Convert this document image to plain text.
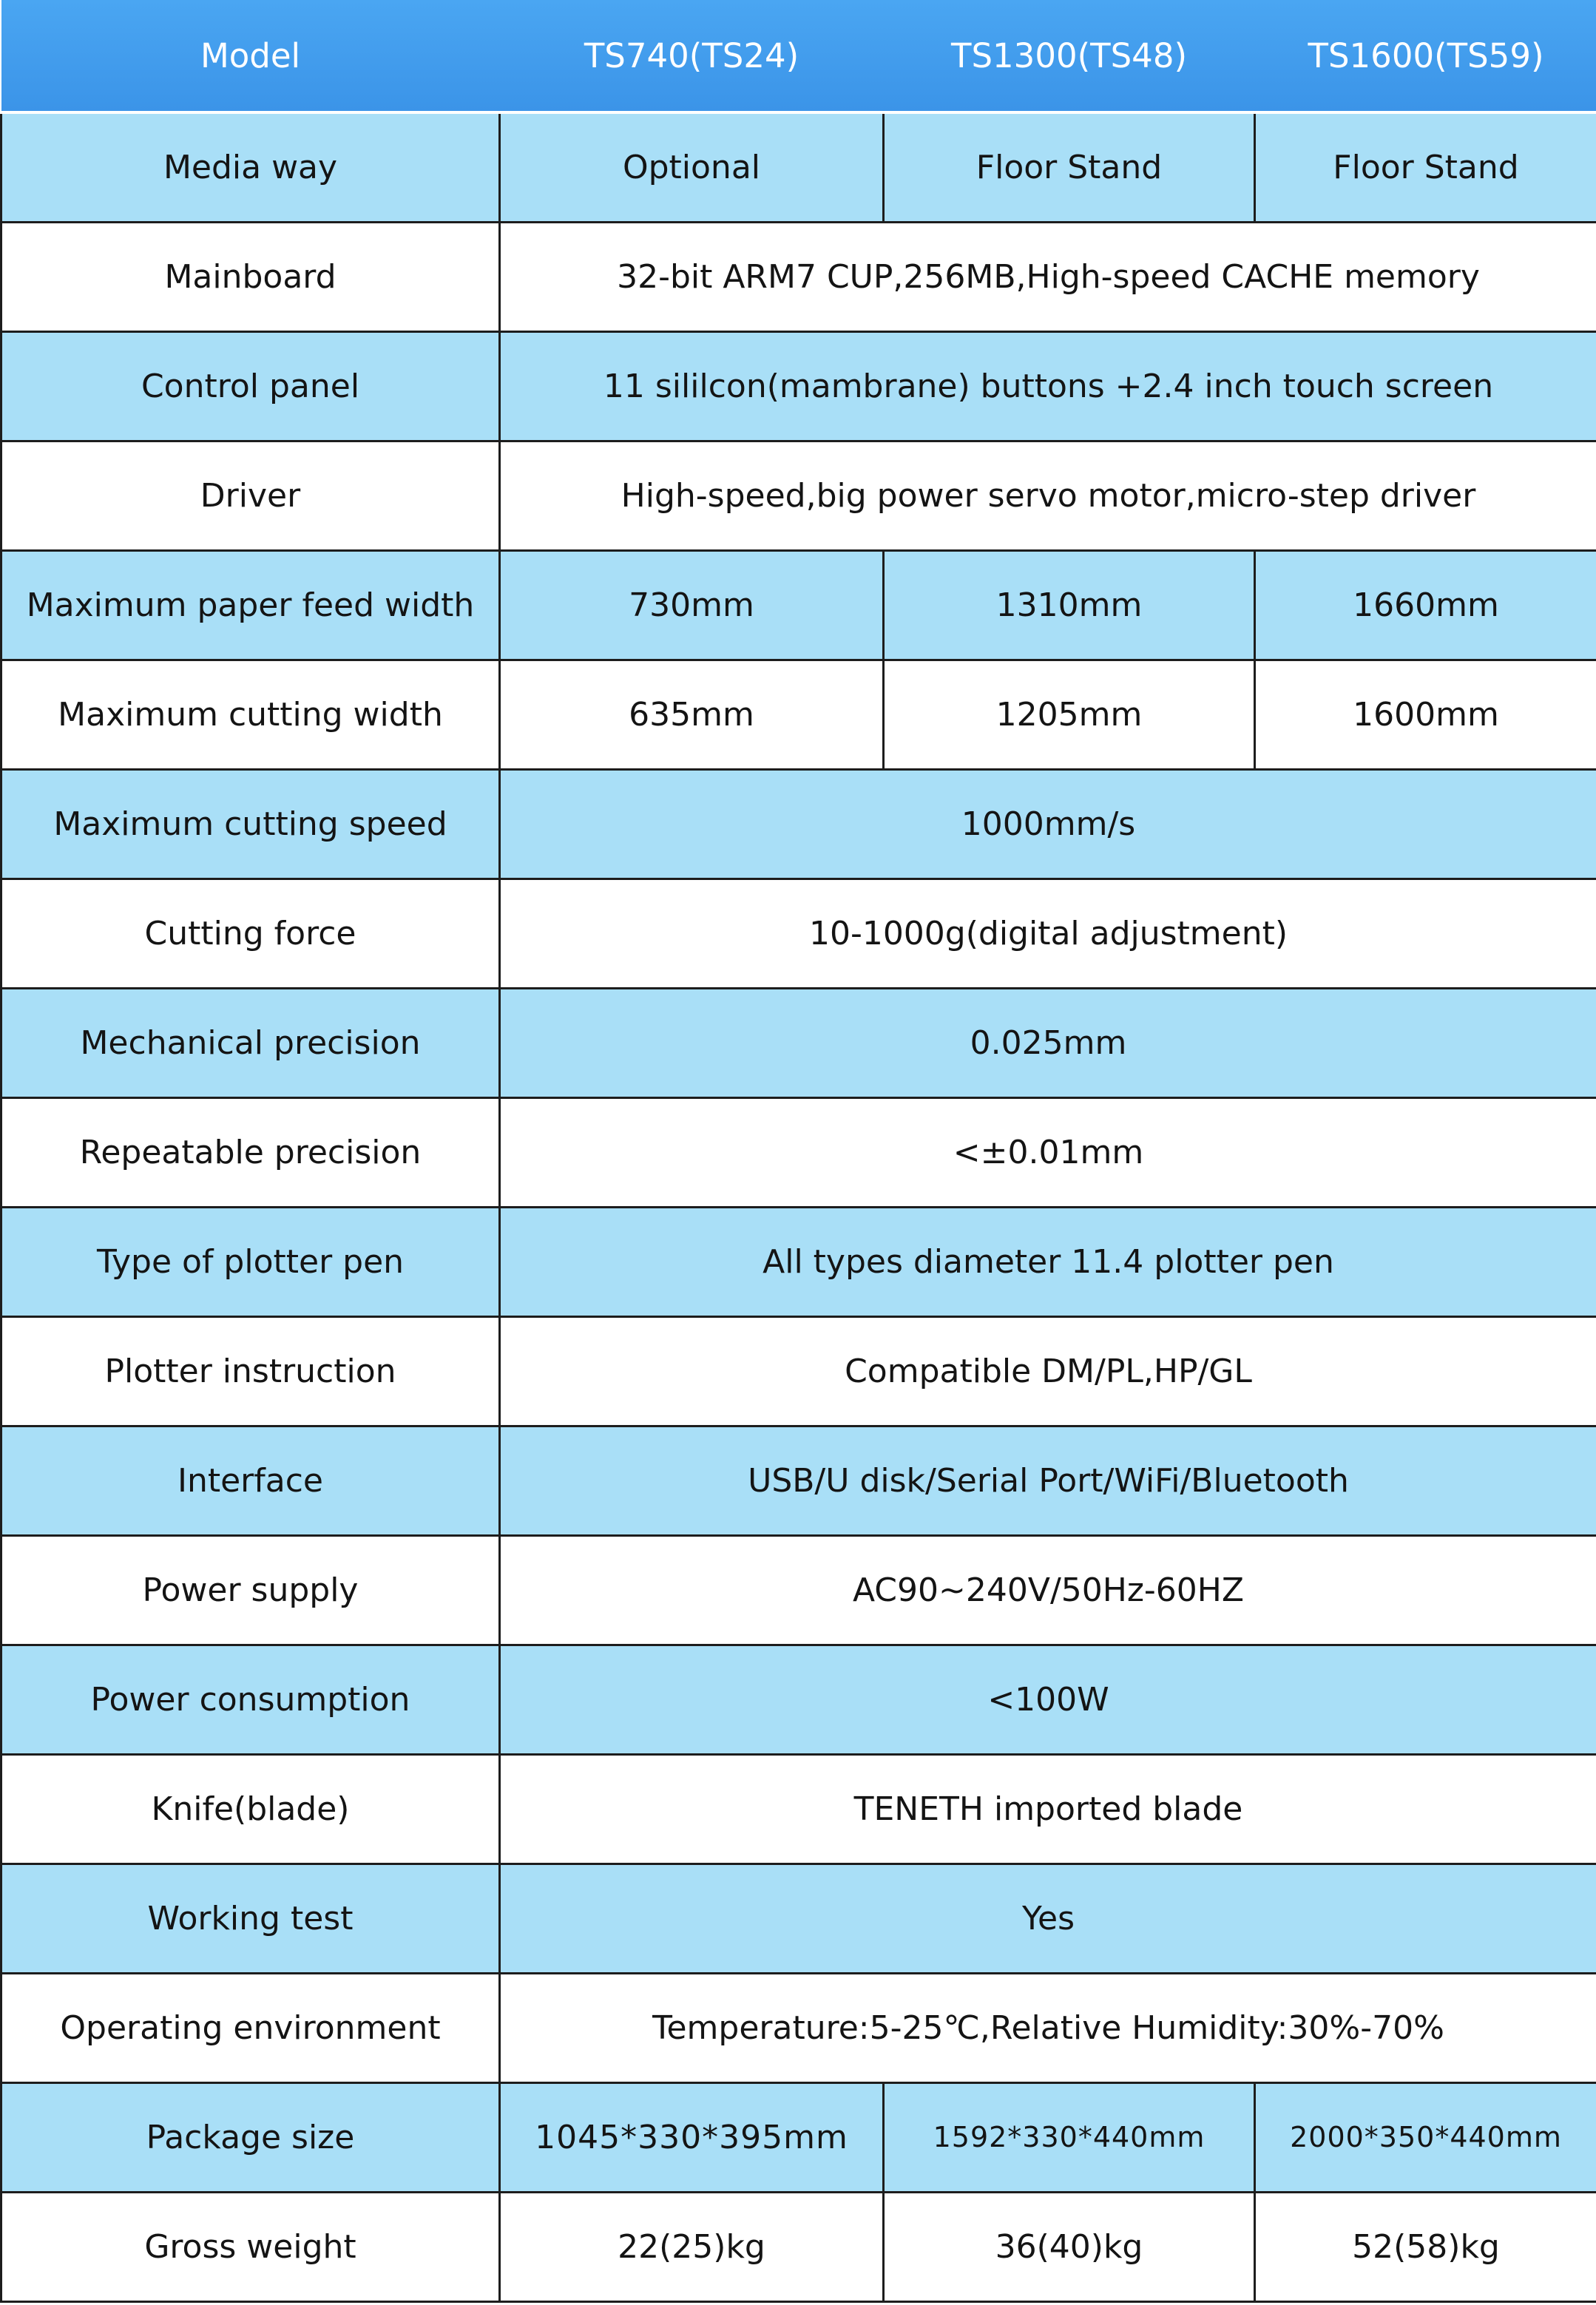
Model	TS740(TS24)	TS1300(TS48)	TS1600(TS59)
Media way	Optional	Floor Stand	Floor Stand
Mainboard	32-bit ARM7 CUP,256MB,High-speed CACHE memory		
Control panel	11 sililcon(mambrane) buttons +2.4 inch touch screen		
Driver	High-speed,big power servo motor,micro-step driver		
Maximum paper feed width	730mm	1310mm	1660mm
Maximum cutting width	635mm	1205mm	1600mm
Maximum cutting speed	1000mm/s		
Cutting force	10-1000g(digital adjustment)		
Mechanical precision	0.025mm		
Repeatable precision	<±0.01mm		
Type of plotter pen	All types diameter 11.4 plotter pen		
Plotter instruction	Compatible DM/PL,HP/GL		
Interface	USB/U disk/Serial Port/WiFi/Bluetooth		
Power supply	AC90~240V/50Hz-60HZ		
Power consumption	<100W		
Knife(blade)	TENETH imported blade		
Working test	Yes		
Operating environment	Temperature:5-25℃,Relative Humidity:30%-70%		
Package size	1045*330*395mm	1592*330*440mm	2000*350*440mm
Gross weight	22(25)kg	36(40)kg	52(58)kg
